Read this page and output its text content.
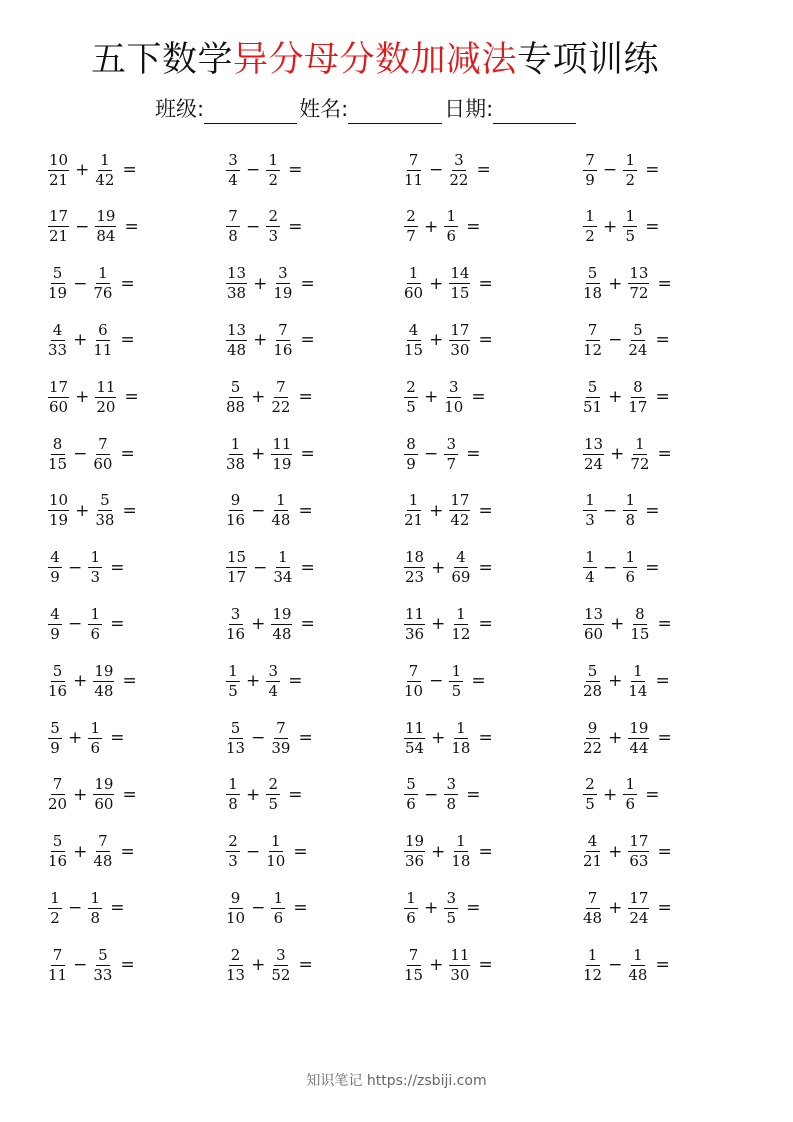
五下数学异分母分数加减法专项训练
班级:	姓名:	日期:
$\frac{10}{21} + \frac{1}{42}$ =
$\frac{17}{21} - \frac{19}{84}$ =
$\frac{5}{19} - \frac{1}{76}$ =
$\frac{4}{33} + \frac{6}{11}$ =
$\frac{17}{60} + \frac{11}{20}$ =
$\frac{8}{15} - \frac{7}{60}$ =
$\frac{10}{19} + \frac{5}{38}$ =
$\frac{4}{9} - \frac{1}{3}$ =
$\frac{4}{9} - \frac{1}{6}$ =
$\frac{5}{16} + \frac{19}{48}$ =
$\frac{5}{9} + \frac{1}{6}$ =
$\frac{7}{20} + \frac{19}{60}$ =
$\frac{5}{16} + \frac{7}{48}$ =
$\frac{1}{2} - \frac{1}{8}$ =
$\frac{7}{11} - \frac{5}{33}$ =
$\frac{3}{4} - \frac{1}{2}$ =
$\frac{7}{8} - \frac{2}{3}$ =
$\frac{13}{38} + \frac{3}{19}$ =
$\frac{13}{48} + \frac{7}{16}$ =
$\frac{5}{88} + \frac{7}{22}$ =
$\frac{1}{38} + \frac{11}{19}$ =
$\frac{9}{16} - \frac{1}{48}$ =
$\frac{15}{17} - \frac{1}{34}$ =
$\frac{3}{16} + \frac{19}{48}$ =
$\frac{1}{5} + \frac{3}{4}$ =
$\frac{5}{13} - \frac{7}{39}$ =
$\frac{1}{8} + \frac{2}{5}$ =
$\frac{2}{3} - \frac{1}{10}$ =
$\frac{9}{10} - \frac{1}{6}$ =
$\frac{2}{13} + \frac{3}{52}$ =
$\frac{7}{11} - \frac{3}{22}$ =
$\frac{2}{7} + \frac{1}{6}$ =
$\frac{1}{60} + \frac{14}{15}$ =
$\frac{4}{15} + \frac{17}{30}$ =
$\frac{2}{5} + \frac{3}{10}$ =
$\frac{8}{9} - \frac{3}{7}$ =
$\frac{1}{21} + \frac{17}{42}$ =
$\frac{18}{23} + \frac{4}{69}$ =
$\frac{11}{36} + \frac{1}{12}$ =
$\frac{7}{10} - \frac{1}{5}$ =
$\frac{11}{54} + \frac{1}{18}$ =
$\frac{5}{6} - \frac{3}{8}$ =
$\frac{19}{36} + \frac{1}{18}$ =
$\frac{1}{6} + \frac{3}{5}$ =
$\frac{7}{15} + \frac{11}{30}$ =
$\frac{7}{9} - \frac{1}{2}$ =
$\frac{1}{2} + \frac{1}{5}$ =
$\frac{5}{18} + \frac{13}{72}$ =
$\frac{7}{12} - \frac{5}{24}$ =
$\frac{5}{51} + \frac{8}{17}$ =
$\frac{13}{24} + \frac{1}{72}$ =
$\frac{1}{3} - \frac{1}{8}$ =
$\frac{1}{4} - \frac{1}{6}$ =
$\frac{13}{60} + \frac{8}{15}$ =
$\frac{5}{28} + \frac{1}{14}$ =
$\frac{9}{22} + \frac{19}{44}$ =
$\frac{2}{5} + \frac{1}{6}$ =
$\frac{4}{21} + \frac{17}{63}$ =
$\frac{7}{48} + \frac{17}{24}$ =
$\frac{1}{12} - \frac{1}{48}$ =
知识笔记 https://zsbiji.com
